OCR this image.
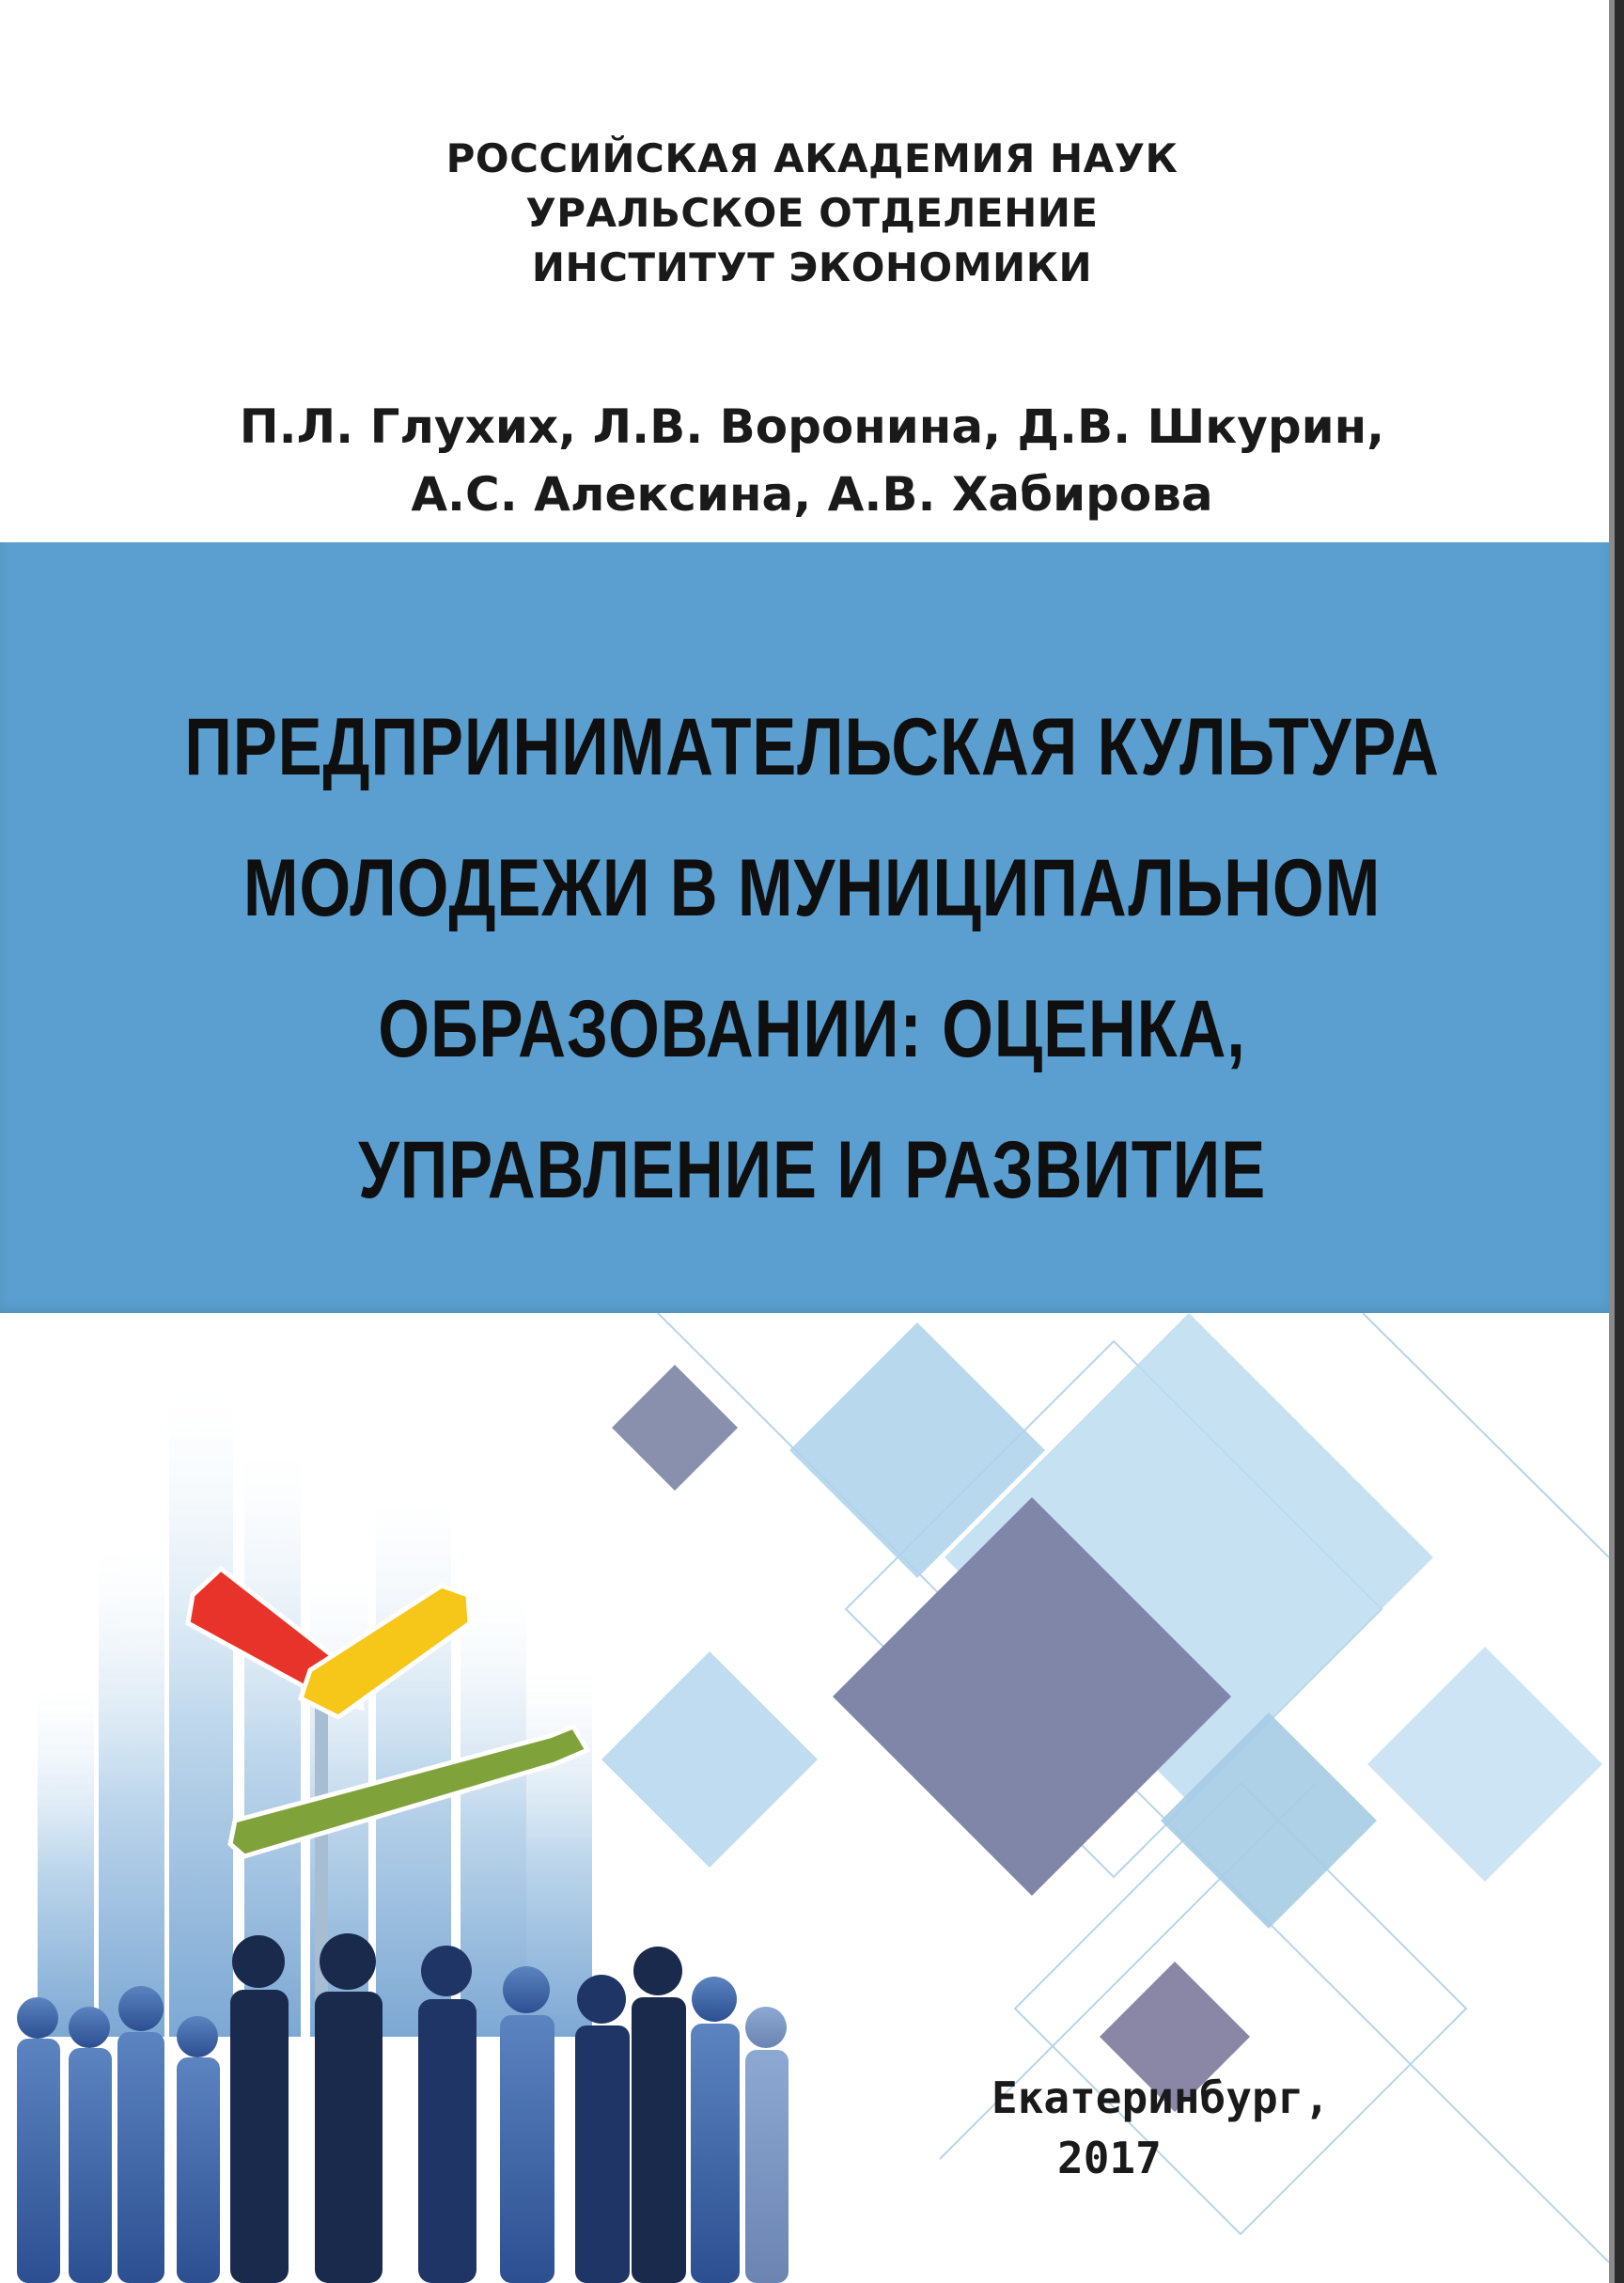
РОССИЙСКАЯ АКАДЕМИЯ НАУК
УРАЛЬСКОЕ ОТДЕЛЕНИЕ
ИНСТИТУТ ЭКОНОМИКИ
П.Л. Глухих, Л.В. Воронина, Д.В. Шкурин,
А.С. Алексина, А.В. Хабирова
ПРЕДПРИНИМАТЕЛЬСКАЯ КУЛЬТУРА
МОЛОДЕЖИ В МУНИЦИПАЛЬНОМ
ОБРАЗОВАНИИ: ОЦЕНКА,
УПРАВЛЕНИЕ И РАЗВИТИЕ
Екатеринбург,
2017
